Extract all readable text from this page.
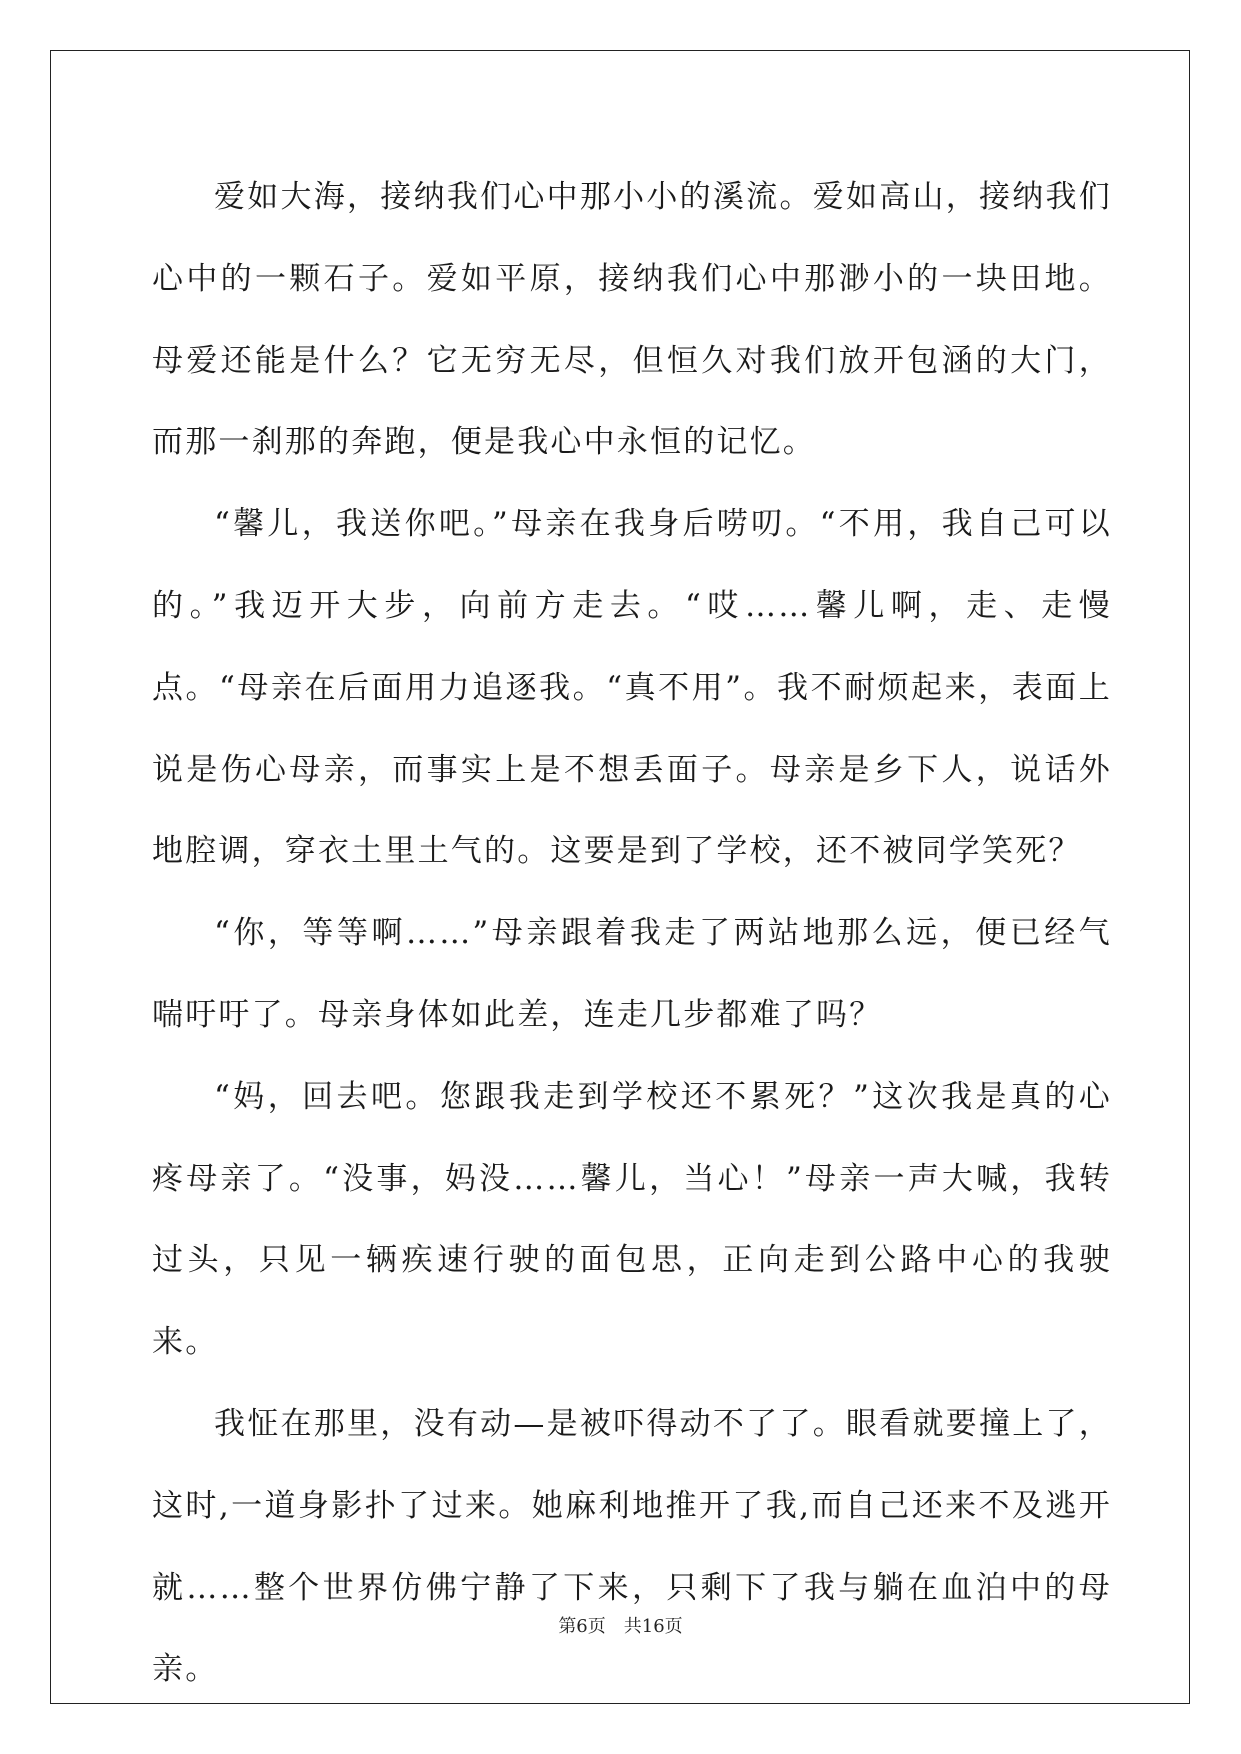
爱如大海，接纳我们心中那小小的溪流。爱如高山，接纳我们心中的一颗石子。爱如平原，接纳我们心中那渺小的一块田地。母爱还能是什么？它无穷无尽，但恒久对我们放开包涵的大门，而那一刹那的奔跑，便是我心中永恒的记忆。

“馨儿，我送你吧。”母亲在我身后唠叨。“不用，我自己可以的。”我迈开大步，向前方走去。“哎……馨儿啊，走、走慢点。“母亲在后面用力追逐我。“真不用”。我不耐烦起来，表面上说是伤心母亲，而事实上是不想丢面子。母亲是乡下人，说话外地腔调，穿衣土里土气的。这要是到了学校，还不被同学笑死？

“你，等等啊……”母亲跟着我走了两站地那么远，便已经气喘吁吁了。母亲身体如此差，连走几步都难了吗？

“妈，回去吧。您跟我走到学校还不累死？”这次我是真的心疼母亲了。“没事，妈没……馨儿，当心！”母亲一声大喊，我转过头，只见一辆疾速行驶的面包思，正向走到公路中心的我驶来。

我怔在那里，没有动—是被吓得动不了了。眼看就要撞上了，这时,一道身影扑了过来。她麻利地推开了我,而自己还来不及逃开就……整个世界仿佛宁静了下来，只剩下了我与躺在血泊中的母亲。

第6页　共16页
